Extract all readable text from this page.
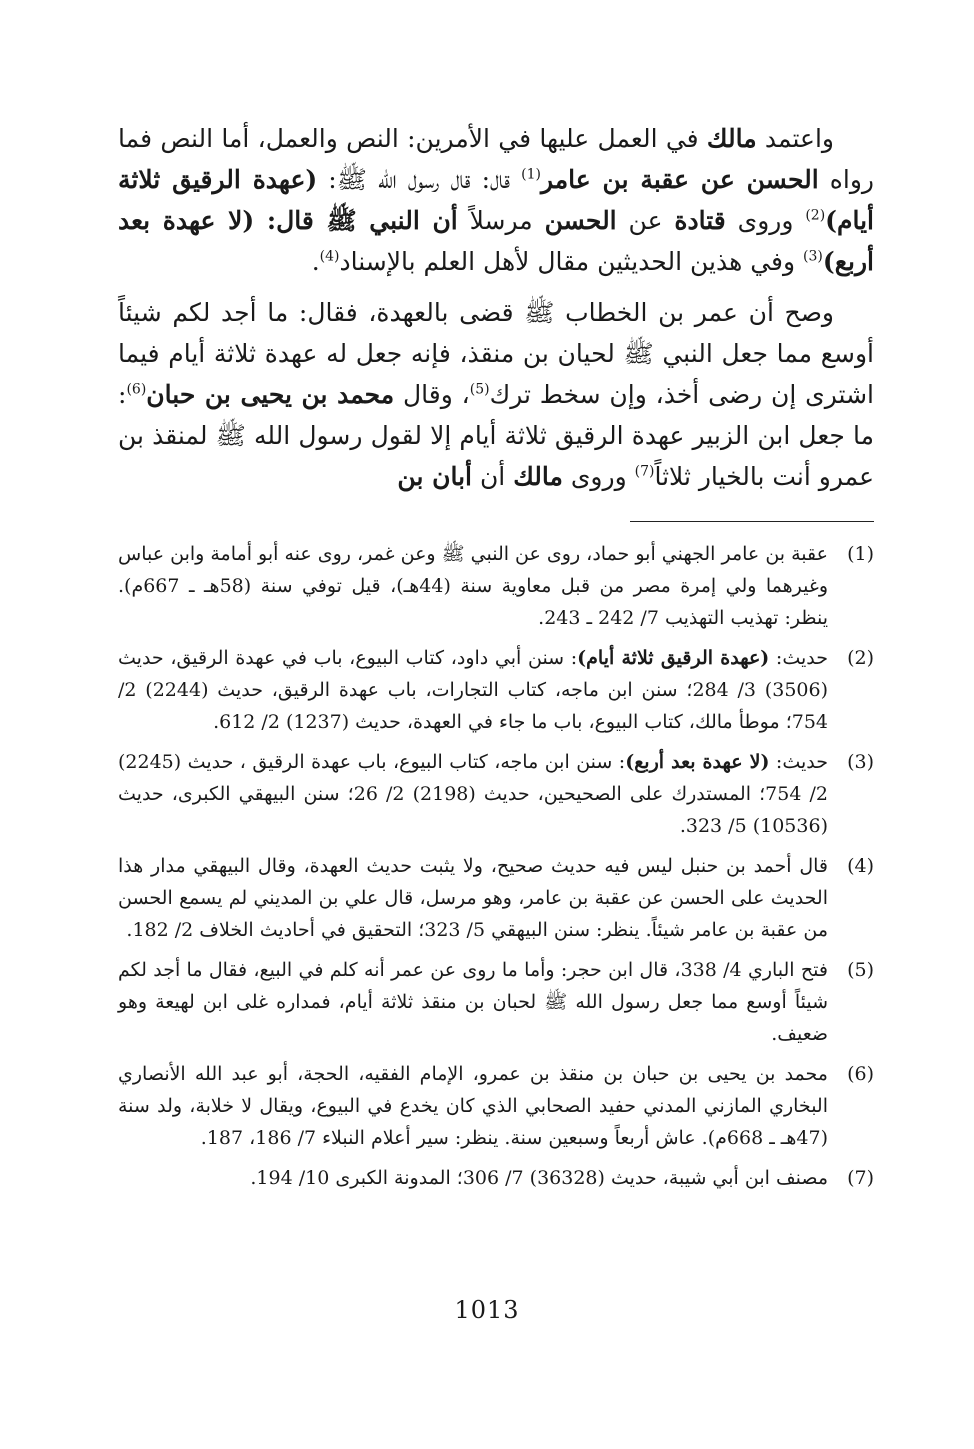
واعتمد مالك في العمل عليها في الأمرين: النص والعمل، أما النص فما رواه الحسن عن عقبة بن عامر$^{(1)}$ قال: قال رسول الله ﷺ: (عهدة الرقيق ثلاثة أيام)$^{(2)}$ وروى قتادة عن الحسن مرسلاً أن النبي ﷺ قال: (لا عهدة بعد أربع)$^{(3)}$ وفي هذين الحديثين مقال لأهل العلم بالإسناد$^{(4)}$.

وصح أن عمر بن الخطاب ﷺ قضى بالعهدة، فقال: ما أجد لكم شيئاً أوسع مما جعل النبي ﷺ لحيان بن منقذ، فإنه جعل له عهدة ثلاثة أيام فيما اشترى إن رضى أخذ، وإن سخط ترك$^{(5)}$، وقال محمد بن يحيى بن حبان$^{(6)}$: ما جعل ابن الزبير عهدة الرقيق ثلاثة أيام إلا لقول رسول الله ﷺ لمنقذ بن عمرو أنت بالخيار ثلاثاً$^{(7)}$ وروى مالك أن أبان بن

(1)
عقبة بن عامر الجهني أبو حماد، روى عن النبي ﷺ وعن غمر، روى عنه أبو أمامة وابن عباس وغيرهما ولي إمرة مصر من قبل معاوية سنة (44هـ)، قيل توفي سنة (58هـ ـ 667م). ينظر: تهذيب التهذيب 7/ 242 ـ 243.
(2)
حديث: (عهدة الرقيق ثلاثة أيام): سنن أبي داود، كتاب البيوع، باب في عهدة الرقيق، حديث (3506) 3/ 284؛ سنن ابن ماجه، كتاب التجارات، باب عهدة الرقيق، حديث (2244) 2/ 754؛ موطأ مالك، كتاب البيوع، باب ما جاء في العهدة، حديث (1237) 2/ 612.
(3)
حديث: (لا عهدة بعد أربع): سنن ابن ماجه، كتاب البيوع، باب عهدة الرقيق ، حديث (2245) 2/ 754؛ المستدرك على الصحيحين، حديث (2198) 2/ 26؛ سنن البيهقي الكبرى، حديث (10536) 5/ 323.
(4)
قال أحمد بن حنبل ليس فيه حديث صحيح، ولا يثبت حديث العهدة، وقال البيهقي مدار هذا الحديث على الحسن عن عقبة بن عامر، وهو مرسل، قال علي بن المديني لم يسمع الحسن من عقبة بن عامر شيئاً. ينظر: سنن البيهقي 5/ 323؛ التحقيق في أحاديث الخلاف 2/ 182.
(5)
فتح الباري 4/ 338، قال ابن حجر: وأما ما روى عن عمر أنه كلم في البيع، فقال ما أجد لكم شيئاً أوسع مما جعل رسول الله ﷺ لحبان بن منقذ ثلاثة أيام، فمداره غلى ابن لهيعة وهو ضعيف.
(6)
محمد بن يحيى بن حبان بن منقذ بن عمرو، الإمام الفقيه، الحجة، أبو عبد الله الأنصاري البخاري المازني المدني حفيد الصحابي الذي كان يخدع في البيوع، ويقال لا خلابة، ولد سنة (47هـ ـ 668م). عاش أربعاً وسبعين سنة. ينظر: سير أعلام النبلاء 7/ 186، 187.
(7)
مصنف ابن أبي شيبة، حديث (36328) 7/ 306؛ المدونة الكبرى 10/ 194.
1013
